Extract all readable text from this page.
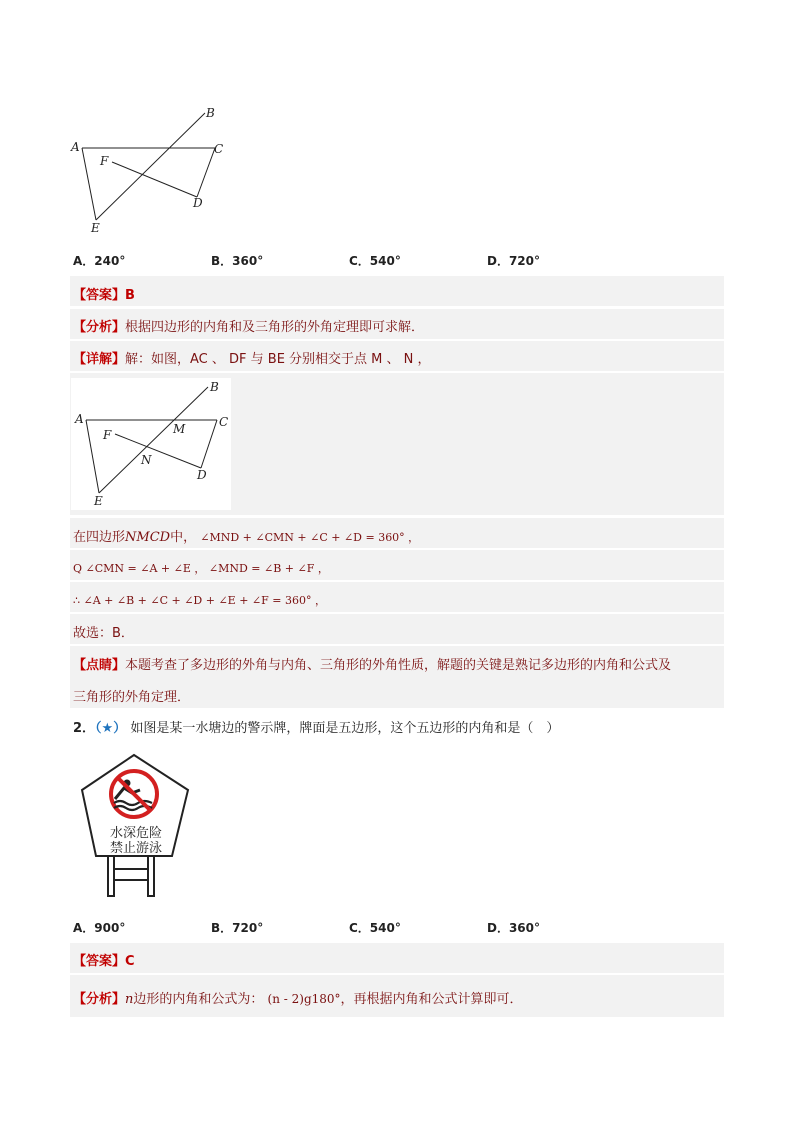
A
B
C
D
E
F
A．240°	B．360°	C．540°	D．720°
【答案】B
【分析】根据四边形的内角和及三角形的外角定理即可求解．
【详解】解：如图，AC 、 DF 与 BE 分别相交于点 M 、 N ，
A
B
C
D
E
F	M
N
在四边形NMCD中， ∠MND + ∠CMN + ∠C + ∠D = 360° ，
Q ∠CMN = ∠A + ∠E ， ∠MND = ∠B + ∠F ，
∴ ∠A + ∠B + ∠C + ∠D + ∠E + ∠F = 360° ，
故选：B．
【点睛】本题考查了多边形的外角与内角、三角形的外角性质，解题的关键是熟记多边形的内角和公式及
三角形的外角定理．
2．（★） 如图是某一水塘边的警示牌，牌面是五边形，这个五边形的内角和是（　）
水深危险
禁止游泳
A．900°	B．720°	C．540°	D．360°
【答案】C
【分析】n边形的内角和公式为： (n - 2)g180°，再根据内角和公式计算即可．
